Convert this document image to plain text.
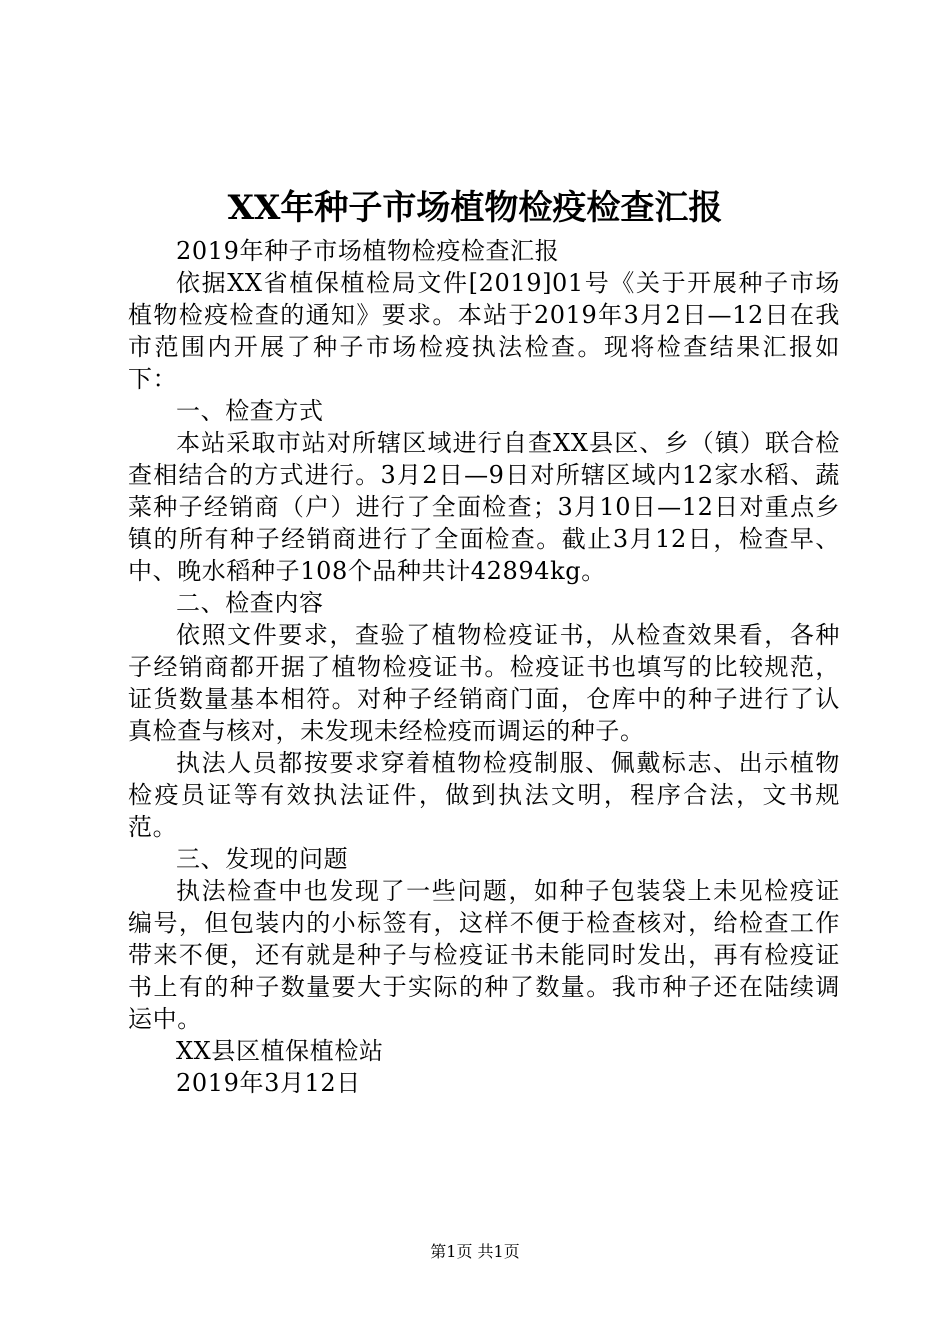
XX年种子市场植物检疫检查汇报

2019年种子市场植物检疫检查汇报

依据XX省植保植检局文件[2019]01号《关于开展种子市场植物检疫检查的通知》要求。本站于2019年3月2日—12日在我市范围内开展了种子市场检疫执法检查。现将检查结果汇报如下：

一、检查方式

本站采取市站对所辖区域进行自查XX县区、乡（镇）联合检查相结合的方式进行。3月2日—9日对所辖区域内12家水稻、蔬菜种子经销商（户）进行了全面检查；3月10日—12日对重点乡镇的所有种子经销商进行了全面检查。截止3月12日，检查早、中、晚水稻种子108个品种共计42894kg。

二、检查内容

依照文件要求，查验了植物检疫证书，从检查效果看，各种子经销商都开据了植物检疫证书。检疫证书也填写的比较规范，证货数量基本相符。对种子经销商门面，仓库中的种子进行了认真检查与核对，未发现未经检疫而调运的种子。

执法人员都按要求穿着植物检疫制服、佩戴标志、出示植物检疫员证等有效执法证件，做到执法文明，程序合法，文书规范。

三、发现的问题

执法检查中也发现了一些问题，如种子包装袋上未见检疫证编号，但包装内的小标签有，这样不便于检查核对，给检查工作带来不便，还有就是种子与检疫证书未能同时发出，再有检疫证书上有的种子数量要大于实际的种了数量。我市种子还在陆续调运中。

XX县区植保植检站

2019年3月12日

第1页 共1页
